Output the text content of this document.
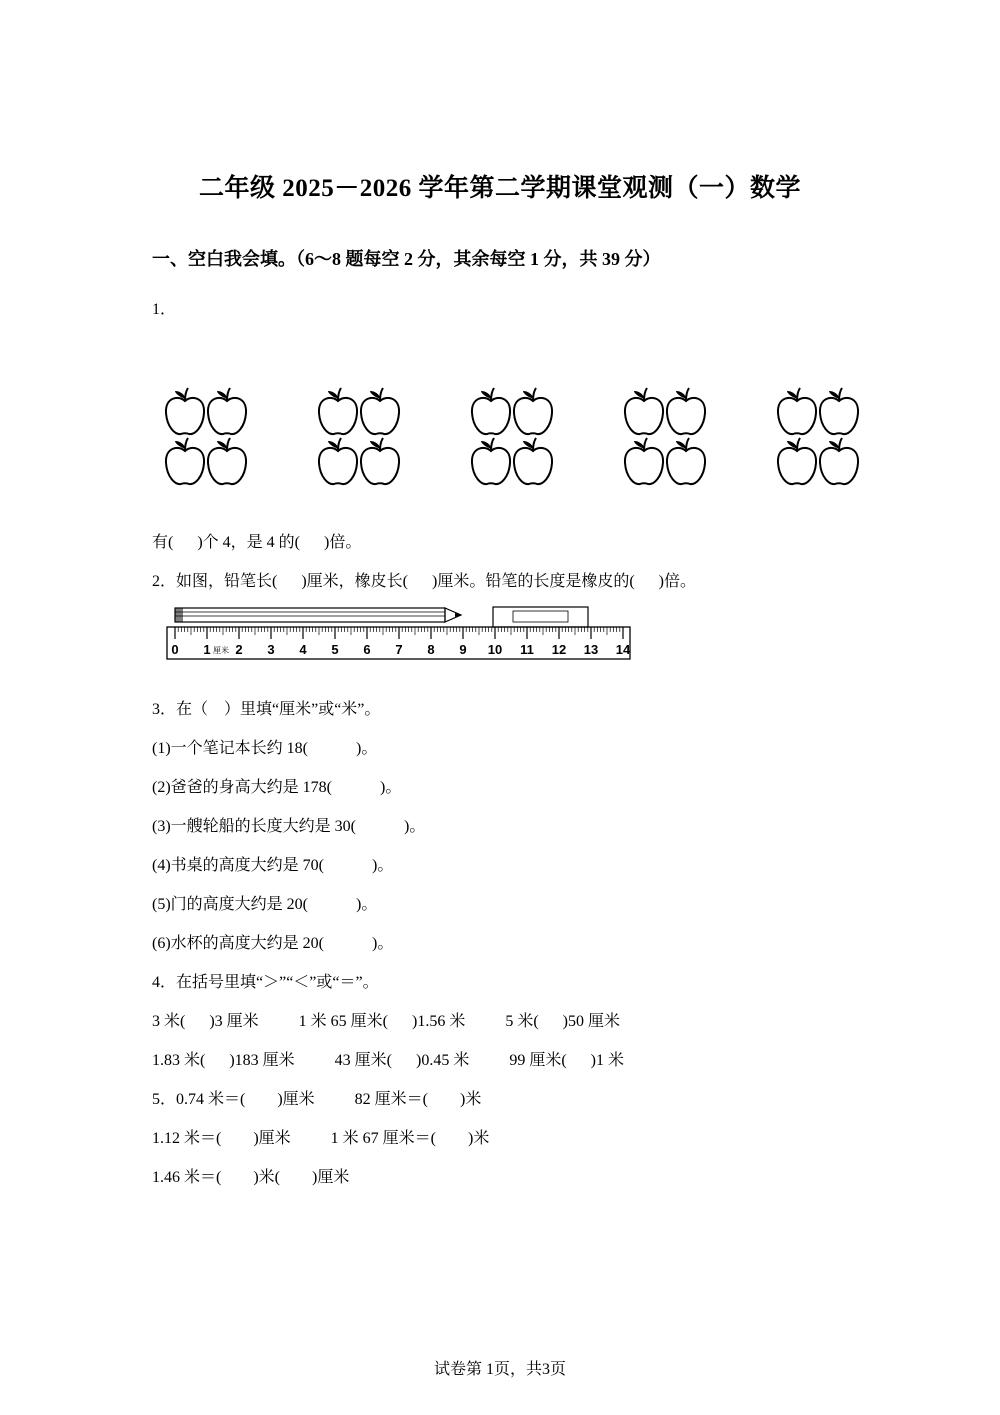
二年级 2025－2026 学年第二学期课堂观测（一）数学
一、空白我会填。（6～8 题每空 2 分，其余每空 1 分，共 39 分）
1．
有(      )个 4，是 4 的(      )倍。
2．如图，铅笔长(      )厘米，橡皮长(      )厘米。铅笔的长度是橡皮的(      )倍。
0 1 2 3 4 5 6 7 8 9 10 11 12 13 14
厘米
3．在（    ）里填“厘米”或“米”。
(1)一个笔记本长约 18(            )。
(2)爸爸的身高大约是 178(            )。
(3)一艘轮船的长度大约是 30(            )。
(4)书桌的高度大约是 70(            )。
(5)门的高度大约是 20(            )。
(6)水杯的高度大约是 20(            )。
4．在括号里填“＞”“＜”或“＝”。
3 米(      )3 厘米          1 米 65 厘米(      )1.56 米          5 米(      )50 厘米
1.83 米(      )183 厘米          43 厘米(      )0.45 米          99 厘米(      )1 米
5．0.74 米＝(        )厘米          82 厘米＝(        )米
1.12 米＝(        )厘米          1 米 67 厘米＝(        )米
1.46 米＝(        )米(        )厘米
试卷第 1页，共3页
